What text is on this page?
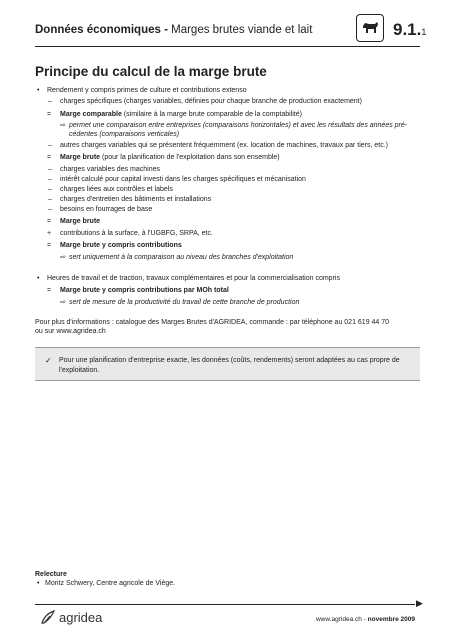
Données économiques - Marges brutes viande et lait	9.1.1
Principe du calcul de la marge brute
• Rendement y compris primes de culture et contributions extenso
– charges spécifiques (charges variables, définies pour chaque branche de production exactement)
= Marge comparable (similaire à la marge brute comparable de la comptabilité)
⇨ permet une comparaison entre entreprises (comparaisons horizontales) et avec les résultats des années pré-
cédentes (comparaisons verticales)
– autres charges variables qui se présentent fréquemment (ex. location de machines, travaux par tiers, etc.)
= Marge brute (pour la planification de l'exploitation dans son ensemble)
– charges variables des machines
– intérêt calculé pour capital investi dans les charges spécifiques et mécanisation
– charges liées aux contrôles et labels
– charges d'entretien des bâtiments et installations
– besoins en fourrages de base
= Marge brute
+ contributions à la surface, à l'UGBFG, SRPA, etc.
= Marge brute y compris contributions
⇨ sert uniquement à la comparaison au niveau des branches d'exploitation
• Heures de travail et de traction, travaux complémentaires et pour la commercialisation compris
= Marge brute y compris contributions par MOh total
⇨ sert de mesure de la productivité du travail de cette branche de production
Pour plus d'informations : catalogue des Marges Brutes d'AGRIDEA, commande : par téléphone au 021 619 44 70
ou sur www.agridea.ch
✓ Pour une planification d'entreprise exacte, les données (coûts, rendements) seront adaptées au cas propre de l'exploitation.
Relecture
• Moritz Schwery, Centre agricole de Viège.
▶
agridea	www.agridea.ch - novembre 2009
